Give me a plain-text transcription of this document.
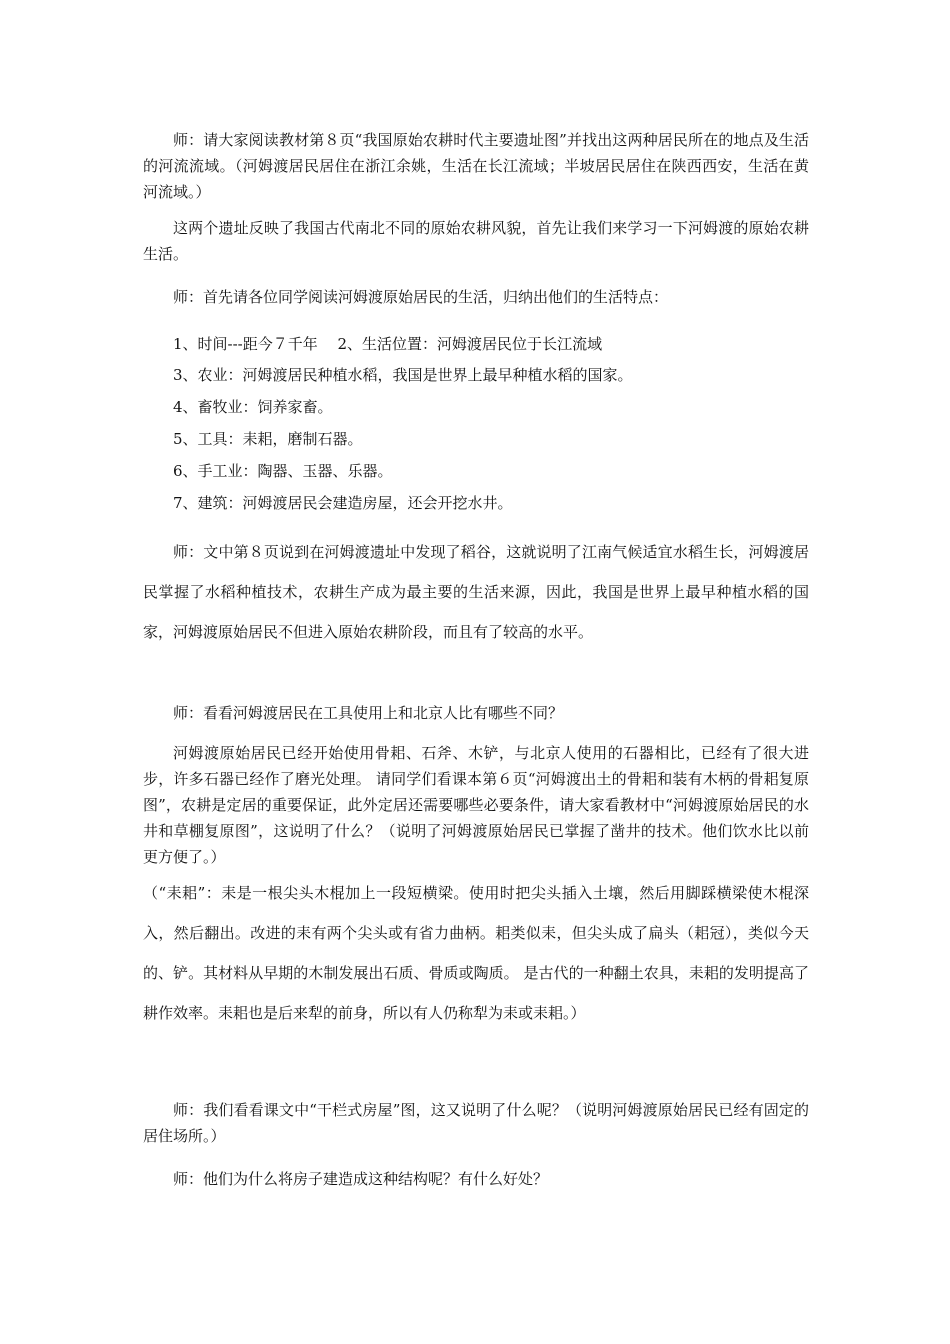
师：请大家阅读教材第８页“我国原始农耕时代主要遗址图”并找出这两种居民所在的地点及生活的河流流域。（河姆渡居民居住在浙江余姚，生活在长江流域；半坡居民居住在陕西西安，生活在黄河流域。）

这两个遗址反映了我国古代南北不同的原始农耕风貌，首先让我们来学习一下河姆渡的原始农耕生活。

师：首先请各位同学阅读河姆渡原始居民的生活，归纳出他们的生活特点：

1、时间---距今７千年　 2、生活位置：河姆渡居民位于长江流域

3、农业：河姆渡居民种植水稻，我国是世界上最早种植水稻的国家。

4、畜牧业：饲养家畜。

5、工具：耒耜，磨制石器。

6、手工业：陶器、玉器、乐器。

7、建筑：河姆渡居民会建造房屋，还会开挖水井。

师：文中第８页说到在河姆渡遗址中发现了稻谷，这就说明了江南气候适宜水稻生长，河姆渡居民掌握了水稻种植技术，农耕生产成为最主要的生活来源，因此，我国是世界上最早种植水稻的国家，河姆渡原始居民不但进入原始农耕阶段，而且有了较高的水平。

师：看看河姆渡居民在工具使用上和北京人比有哪些不同？

河姆渡原始居民已经开始使用骨耜、石斧、木铲，与北京人使用的石器相比，已经有了很大进步，许多石器已经作了磨光处理。 请同学们看课本第６页“河姆渡出土的骨耜和装有木柄的骨耜复原图”，农耕是定居的重要保证，此外定居还需要哪些必要条件，请大家看教材中“河姆渡原始居民的水井和草棚复原图”，这说明了什么？（说明了河姆渡原始居民已掌握了凿井的技术。他们饮水比以前更方便了。）

（“耒耜”：耒是一根尖头木棍加上一段短横梁。使用时把尖头插入土壤，然后用脚踩横梁使木棍深入，然后翻出。改进的耒有两个尖头或有省力曲柄。耜类似耒，但尖头成了扁头（耜冠），类似今天的、铲。其材料从早期的木制发展出石质、骨质或陶质。 是古代的一种翻土农具，耒耜的发明提高了耕作效率。耒耜也是后来犁的前身，所以有人仍称犁为耒或耒耜。）

师：我们看看课文中“干栏式房屋”图，这又说明了什么呢？（说明河姆渡原始居民已经有固定的居住场所。）

师：他们为什么将房子建造成这种结构呢？有什么好处？
